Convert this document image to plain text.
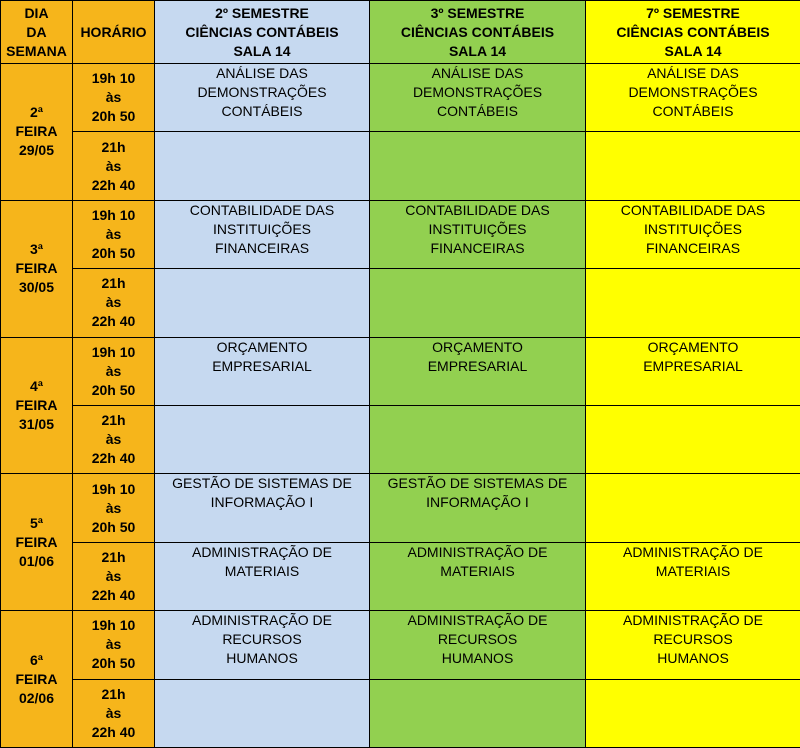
DIA
DA
SEMANA	HORÁRIO	2º SEMESTRE
CIÊNCIAS CONTÁBEIS
SALA 14	3º SEMESTRE
CIÊNCIAS CONTÁBEIS
SALA 14	7º SEMESTRE
CIÊNCIAS CONTÁBEIS
SALA 14

2ª
FEIRA
29/05	19h 10
às
20h 50	ANÁLISE DAS
DEMONSTRAÇÕES
CONTÁBEIS	ANÁLISE DAS
DEMONSTRAÇÕES
CONTÁBEIS	ANÁLISE DAS
DEMONSTRAÇÕES
CONTÁBEIS

	21h
às
22h 40			

3ª
FEIRA
30/05	19h 10
às
20h 50	CONTABILIDADE DAS
INSTITUIÇÕES
FINANCEIRAS	CONTABILIDADE DAS
INSTITUIÇÕES
FINANCEIRAS	CONTABILIDADE DAS
INSTITUIÇÕES
FINANCEIRAS

	21h
às
22h 40			

4ª
FEIRA
31/05	19h 10
às
20h 50	ORÇAMENTO
EMPRESARIAL	ORÇAMENTO
EMPRESARIAL	ORÇAMENTO
EMPRESARIAL

	21h
às
22h 40			

5ª
FEIRA
01/06	19h 10
às
20h 50	GESTÃO DE SISTEMAS DE
INFORMAÇÃO I	GESTÃO DE SISTEMAS DE
INFORMAÇÃO I	

	21h
às
22h 40	ADMINISTRAÇÃO DE
MATERIAIS	ADMINISTRAÇÃO DE
MATERIAIS	ADMINISTRAÇÃO DE
MATERIAIS

6ª
FEIRA
02/06	19h 10
às
20h 50	ADMINISTRAÇÃO DE
RECURSOS
HUMANOS	ADMINISTRAÇÃO DE
RECURSOS
HUMANOS	ADMINISTRAÇÃO DE
RECURSOS
HUMANOS

	21h
às
22h 40			
